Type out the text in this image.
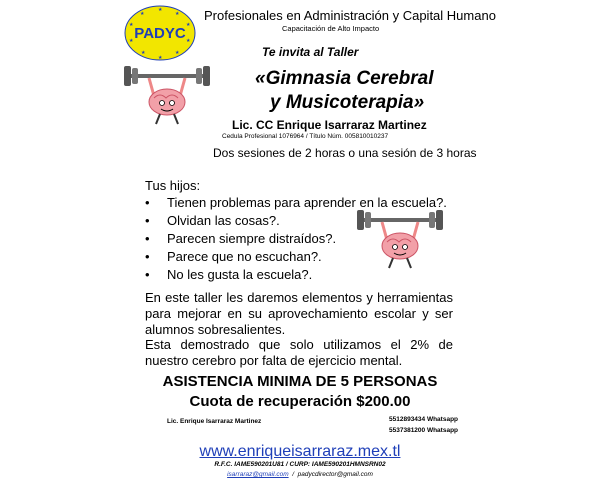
★
★
★
★
★
★
★
★
★
★
PADYC
Profesionales en Administración y Capital Humano
Capacitación de Alto Impacto
Te invita al Taller
«Gimnasia Cerebral
y Musicoterapia»
Lic. CC Enrique Isarraraz Martinez
Cedula Profesional 1076964 / Título Núm. 005810010237
Dos sesiones de 2 horas o una sesión de 3 horas
Tus hijos:
• Tienen problemas para aprender en la escuela?.
• Olvidan las cosas?.
• Parecen siempre distraídos?.
• Parece que no escuchan?.
• No les gusta la escuela?.
En este taller les daremos elementos y herramientas para mejorar en su aprovechamiento escolar y ser alumnos sobresalientes.
Esta demostrado que solo utilizamos el 2% de nuestro cerebro por falta de ejercicio mental.
ASISTENCIA MINIMA DE 5 PERSONAS
Cuota de recuperación $200.00
Lic. Enrique Isarraraz Martinez	5512893434 Whatsapp
5537381200 Whatsapp
www.enriqueisarraraz.mex.tl
R.F.C. IAME590201U81 / CURP: IAME590201HMNSRN02
isarraraz@gmail.com  /  padycdirector@gmail.com
